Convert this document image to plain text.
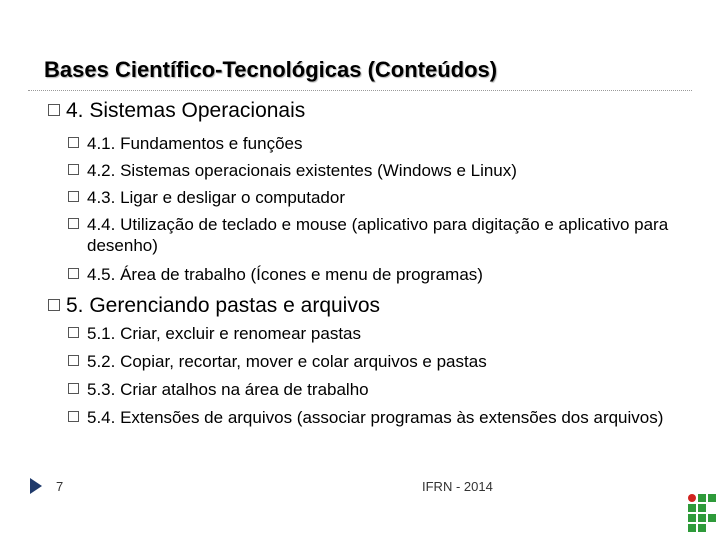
Bases Científico-Tecnológicas (Conteúdos)
4. Sistemas Operacionais
4.1. Fundamentos e funções
4.2. Sistemas operacionais existentes (Windows e Linux)
4.3. Ligar e desligar o computador
4.4. Utilização de teclado e mouse (aplicativo para digitação e aplicativo para desenho)
4.5. Área de trabalho (Ícones e menu de programas)
5. Gerenciando pastas e arquivos
5.1. Criar, excluir e renomear pastas
5.2. Copiar, recortar, mover e colar arquivos e pastas
5.3. Criar atalhos na área de trabalho
5.4. Extensões de arquivos (associar programas às extensões dos arquivos)
7	IFRN - 2014
